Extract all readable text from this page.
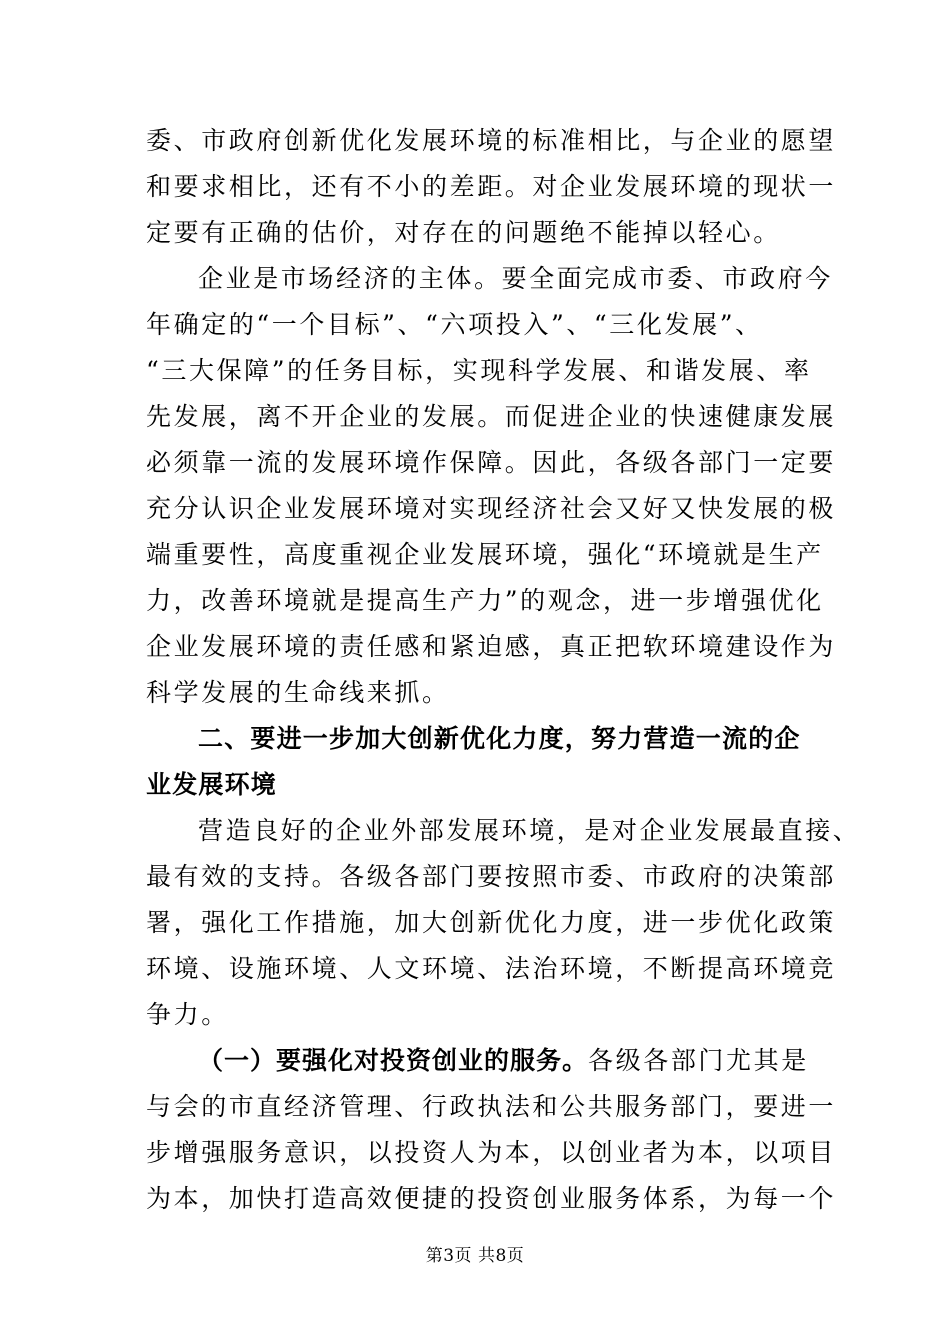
委、市政府创新优化发展环境的标准相比，与企业的愿望
和要求相比，还有不小的差距。对企业发展环境的现状一
定要有正确的估价，对存在的问题绝不能掉以轻心。
企业是市场经济的主体。要全面完成市委、市政府今
年确定的“一个目标”、“六项投入”、“三化发展”、
“三大保障”的任务目标，实现科学发展、和谐发展、率
先发展，离不开企业的发展。而促进企业的快速健康发展
必须靠一流的发展环境作保障。因此，各级各部门一定要
充分认识企业发展环境对实现经济社会又好又快发展的极
端重要性，高度重视企业发展环境，强化“环境就是生产
力，改善环境就是提高生产力”的观念，进一步增强优化
企业发展环境的责任感和紧迫感，真正把软环境建设作为
科学发展的生命线来抓。
二、要进一步加大创新优化力度，努力营造一流的企
业发展环境
营造良好的企业外部发展环境，是对企业发展最直接、
最有效的支持。各级各部门要按照市委、市政府的决策部
署，强化工作措施，加大创新优化力度，进一步优化政策
环境、设施环境、人文环境、法治环境，不断提高环境竞
争力。
（一）要强化对投资创业的服务。各级各部门尤其是
与会的市直经济管理、行政执法和公共服务部门，要进一
步增强服务意识，以投资人为本，以创业者为本，以项目
为本，加快打造高效便捷的投资创业服务体系，为每一个
第3页 共8页
